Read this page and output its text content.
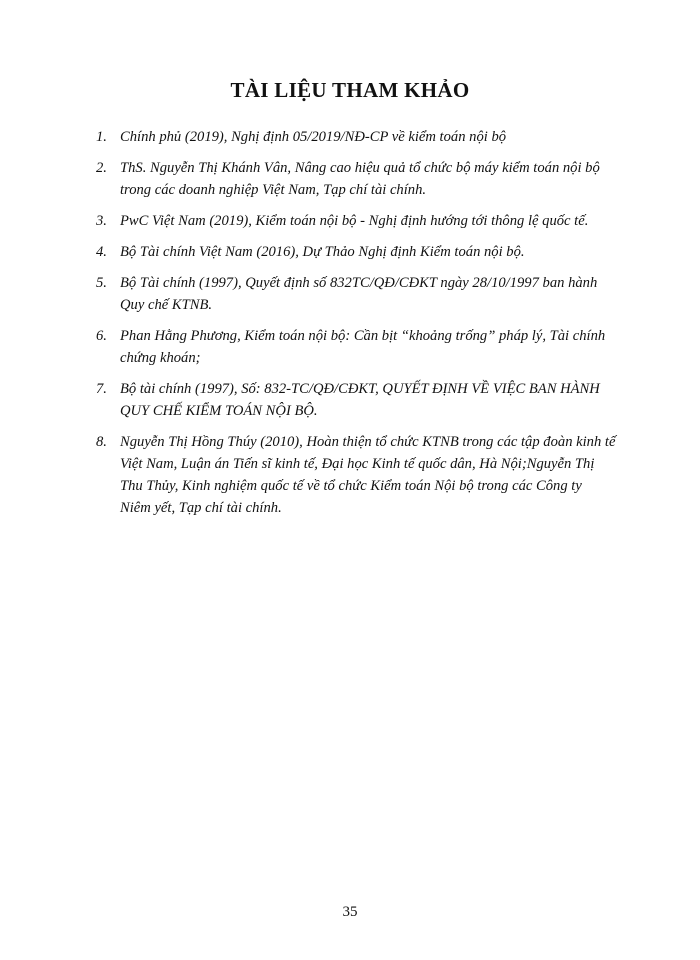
TÀI LIỆU THAM KHẢO
1. Chính phủ (2019), Nghị định 05/2019/NĐ-CP về kiểm toán nội bộ
2. ThS. Nguyễn Thị Khánh Vân, Nâng cao hiệu quả tổ chức bộ máy kiểm toán nội bộ trong các doanh nghiệp Việt Nam, Tạp chí tài chính.
3. PwC Việt Nam (2019), Kiểm toán nội bộ - Nghị định hướng tới thông lệ quốc tế.
4. Bộ Tài chính Việt Nam (2016), Dự Thảo Nghị định Kiểm toán nội bộ.
5. Bộ Tài chính (1997), Quyết định số 832TC/QĐ/CĐKT ngày 28/10/1997 ban hành Quy chế KTNB.
6. Phan Hằng Phương, Kiểm toán nội bộ: Cần bịt “khoảng trống” pháp lý, Tài chính chứng khoán;
7. Bộ tài chính (1997), Số: 832-TC/QĐ/CĐKT, QUYẾT ĐỊNH VỀ VIỆC BAN HÀNH QUY CHẾ KIỂM TOÁN NỘI BỘ.
8. Nguyễn Thị Hồng Thúy (2010), Hoàn thiện tổ chức KTNB trong các tập đoàn kinh tế Việt Nam, Luận án Tiến sĩ kinh tế, Đại học Kinh tế quốc dân, Hà Nội;Nguyễn Thị Thu Thủy, Kinh nghiệm quốc tế về tổ chức Kiểm toán Nội bộ trong các Công ty Niêm yết, Tạp chí tài chính.
35
